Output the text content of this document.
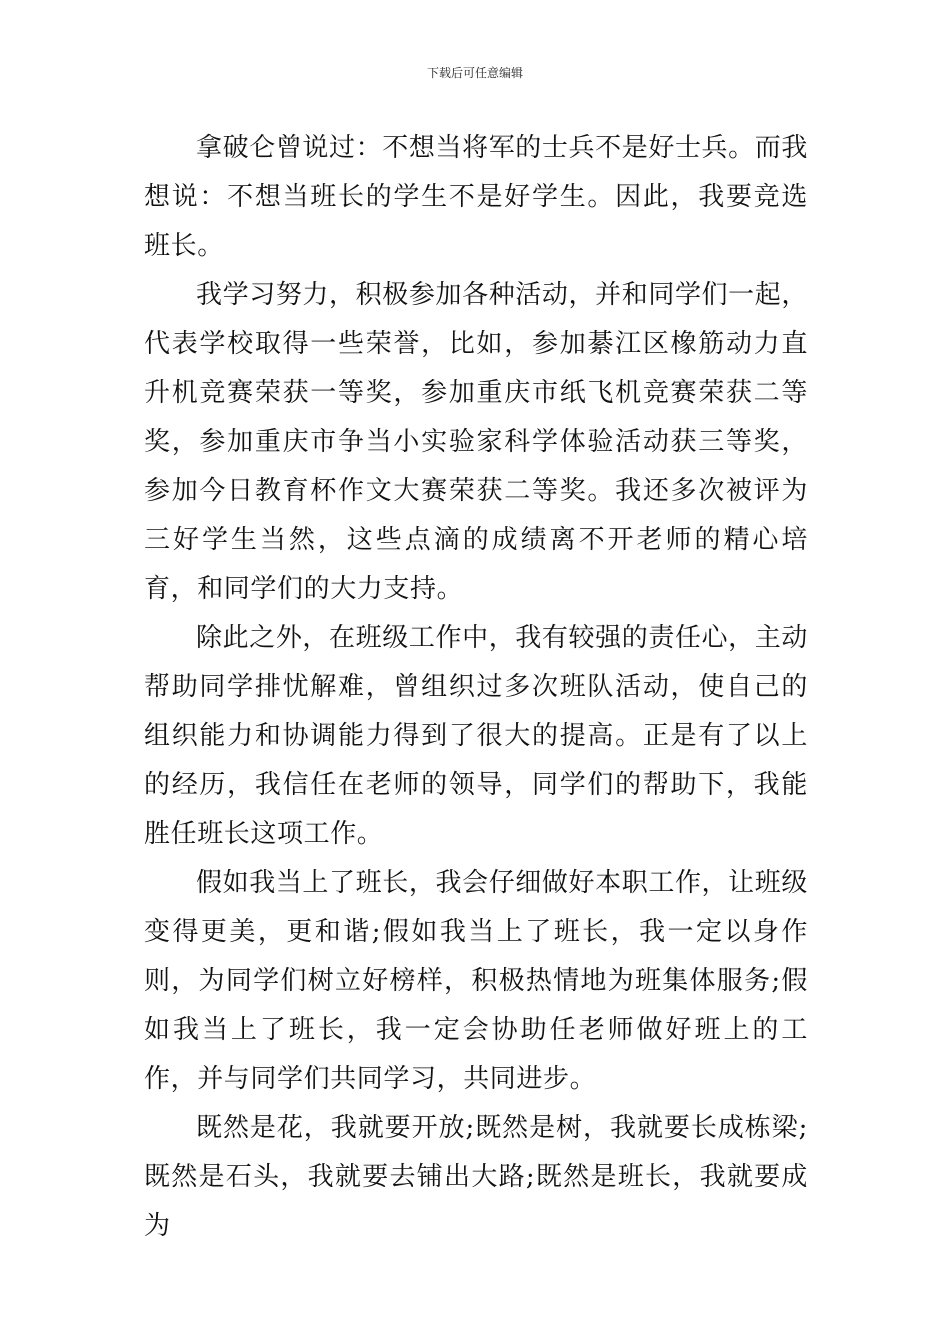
下载后可任意编辑

拿破仑曾说过：不想当将军的士兵不是好士兵。而我想说：不想当班长的学生不是好学生。因此，我要竞选班长。

我学习努力，积极参加各种活动，并和同学们一起，代表学校取得一些荣誉，比如，参加綦江区橡筋动力直升机竞赛荣获一等奖，参加重庆市纸飞机竞赛荣获二等奖，参加重庆市争当小实验家科学体验活动获三等奖，参加今日教育杯作文大赛荣获二等奖。我还多次被评为三好学生当然，这些点滴的成绩离不开老师的精心培育，和同学们的大力支持。

除此之外，在班级工作中，我有较强的责任心，主动帮助同学排忧解难，曾组织过多次班队活动，使自己的组织能力和协调能力得到了很大的提高。正是有了以上的经历，我信任在老师的领导，同学们的帮助下，我能胜任班长这项工作。

假如我当上了班长，我会仔细做好本职工作，让班级变得更美，更和谐;假如我当上了班长，我一定以身作则，为同学们树立好榜样，积极热情地为班集体服务;假如我当上了班长，我一定会协助任老师做好班上的工作，并与同学们共同学习，共同进步。

既然是花，我就要开放;既然是树，我就要长成栋梁;既然是石头，我就要去铺出大路;既然是班长，我就要成为
